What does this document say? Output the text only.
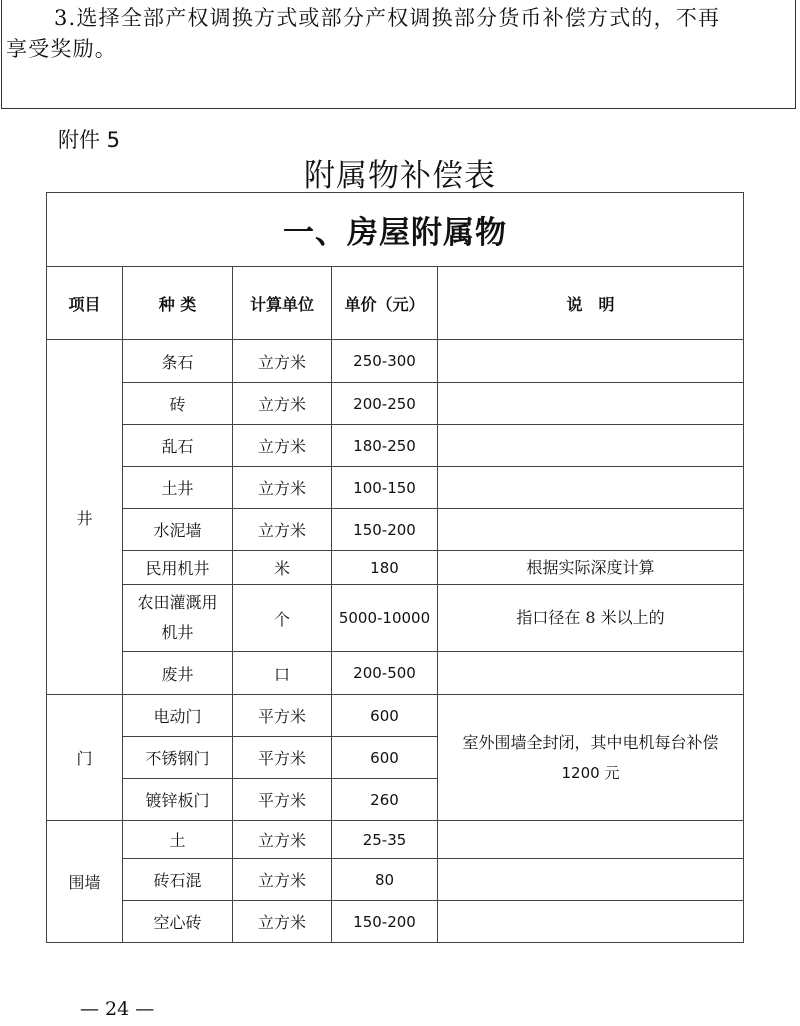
3.选择全部产权调换方式或部分产权调换部分货币补偿方式的，不再
享受奖励。
附件 5
附属物补偿表
一、房屋附属物				
项目	种 类	计算单位	单价（元）	说　明
井	条石	立方米	250-300	
	砖	立方米	200-250	
	乱石	立方米	180-250	
	土井	立方米	100-150	
	水泥墙	立方米	150-200	
	民用机井	米	180	根据实际深度计算
	农田灌溉用
机井	个	5000-10000	指口径在 8 米以上的
	废井	口	200-500	
门	电动门	平方米	600	室外围墙全封闭，其中电机每台补偿
1200 元
	不锈钢门	平方米	600	
	镀锌板门	平方米	260	
围墙	土	立方米	25-35	
	砖石混	立方米	80	
	空心砖	立方米	150-200	
— 24 —
